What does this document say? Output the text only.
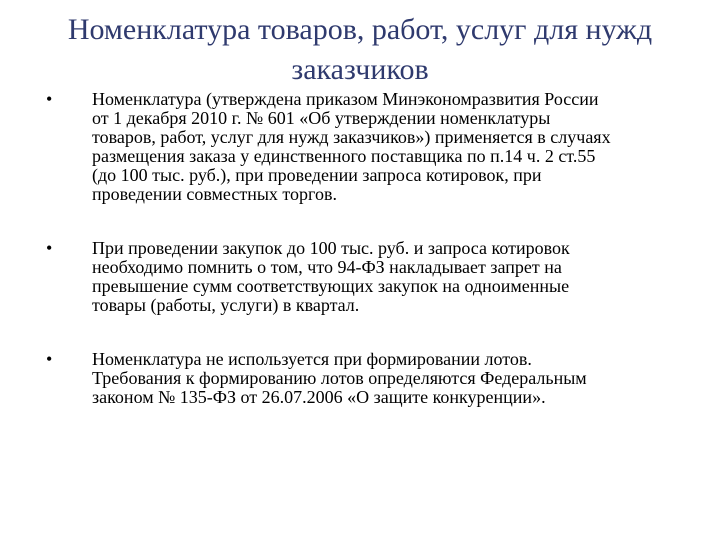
Номенклатура товаров, работ, услуг для нужд
заказчиков
•	Номенклатура (утверждена приказом Минэкономразвития России
от 1 декабря 2010 г. № 601 «Об утверждении номенклатуры
товаров, работ, услуг для нужд заказчиков») применяется в случаях
размещения заказа у единственного поставщика по п.14 ч. 2 ст.55
(до 100 тыс. руб.), при проведении запроса котировок, при
проведении совместных торгов.
•	При проведении закупок до 100 тыс. руб. и запроса котировок
необходимо помнить о том, что 94-ФЗ накладывает запрет на
превышение сумм соответствующих закупок на одноименные
товары (работы, услуги) в квартал.
•	Номенклатура не используется при формировании лотов.
Требования к формированию лотов определяются Федеральным
законом № 135-ФЗ от 26.07.2006 «О защите конкуренции».
